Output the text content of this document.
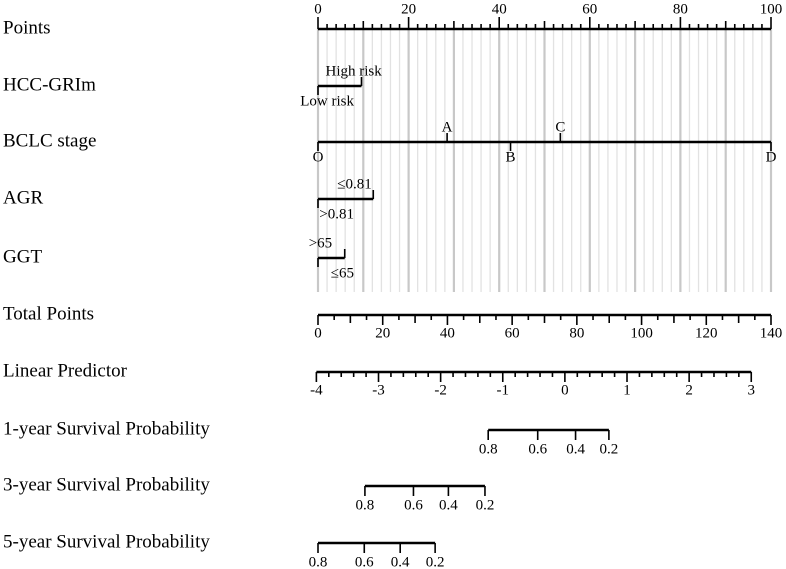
Points
0	20	40	60	80	100
HCC-GRIm
Low risk
High risk
BCLC stage
O
A
B
C
D
AGR
>0.81
≤0.81
GGT
≤65
>65
Total Points
0	20	40	60	80	100	120	140
Linear Predictor
-4	-3	-2	-1	0	1	2	3
1-year Survival Probability
0.8 0.6 0.4 0.2
3-year Survival Probability
0.8 0.6 0.4 0.2
5-year Survival Probability
0.8 0.6 0.4 0.2
